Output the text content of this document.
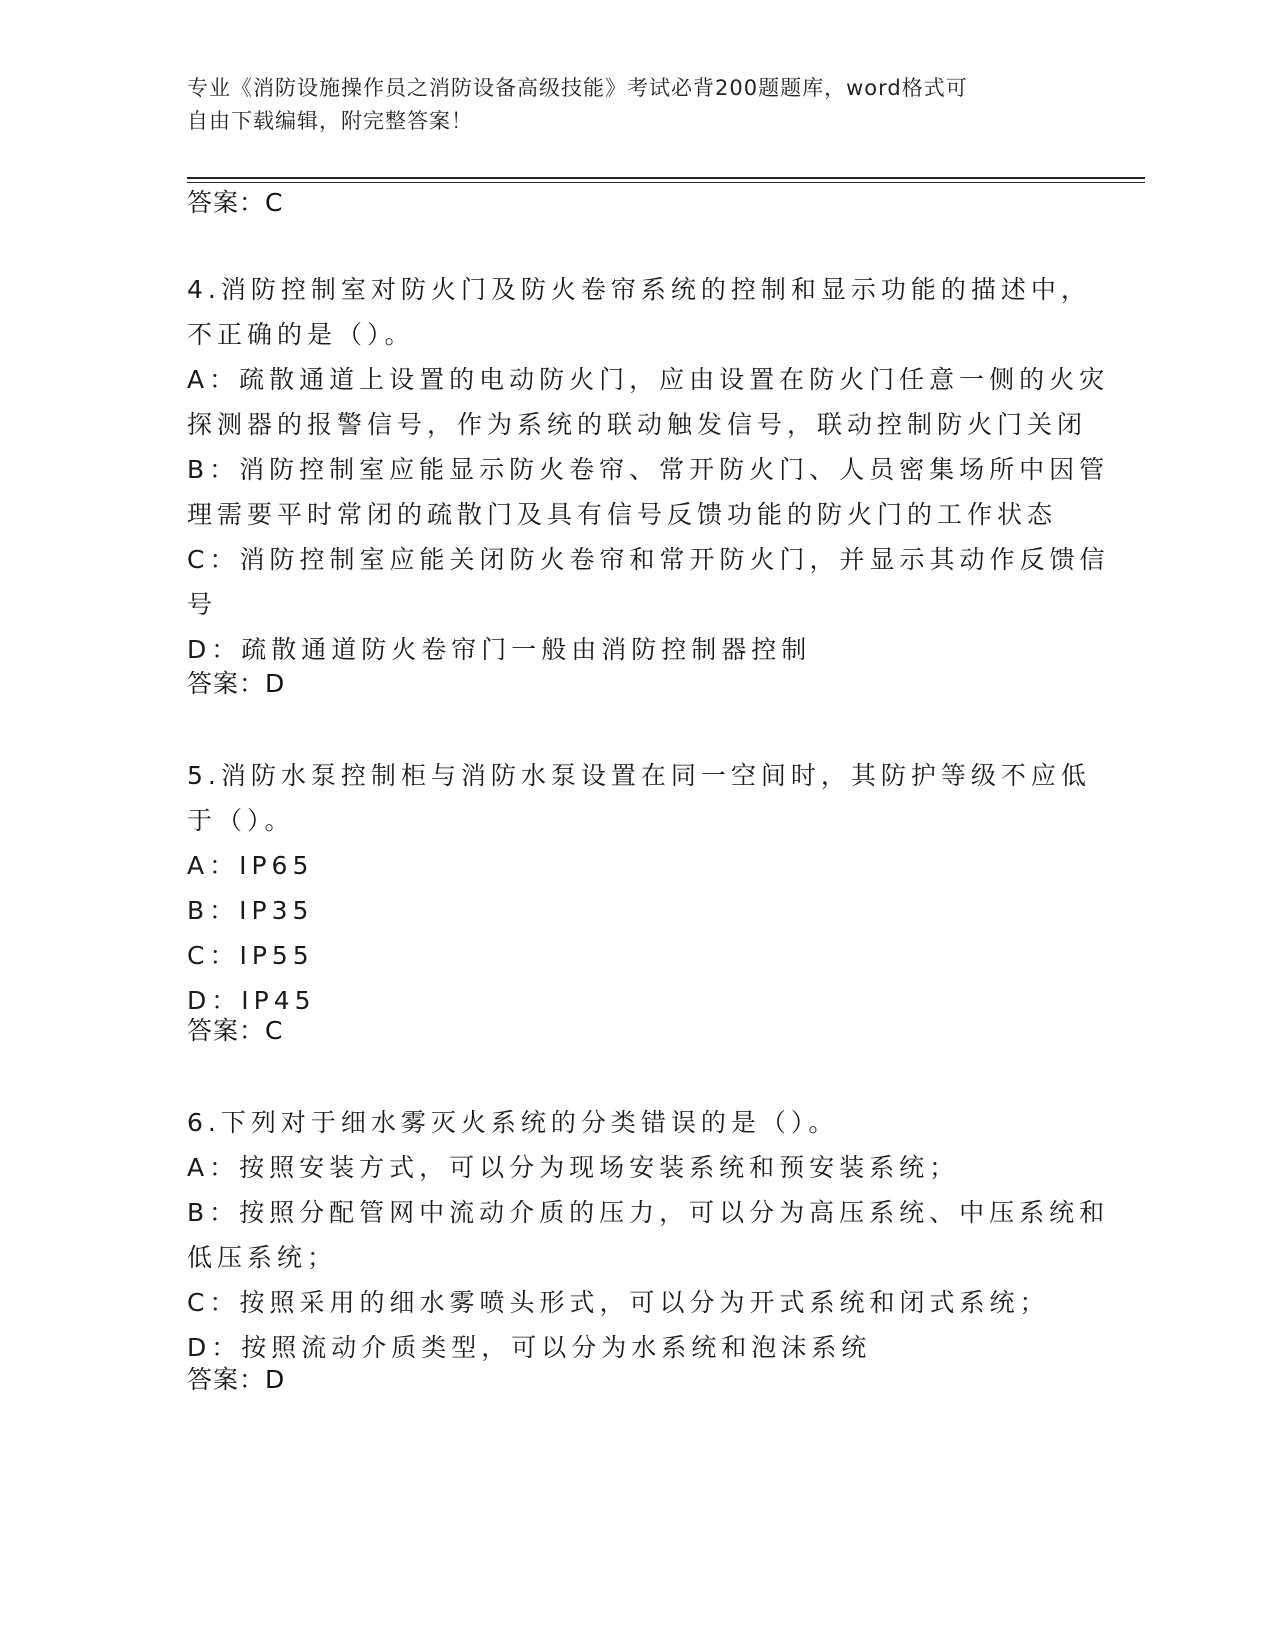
专业《消防设施操作员之消防设备高级技能》考试必背200题题库，word格式可
自由下载编辑，附完整答案！
答案：C
4.消防控制室对防火门及防火卷帘系统的控制和显示功能的描述中，
不正确的是（）。
A：疏散通道上设置的电动防火门，应由设置在防火门任意一侧的火灾
探测器的报警信号，作为系统的联动触发信号，联动控制防火门关闭
B：消防控制室应能显示防火卷帘、常开防火门、人员密集场所中因管
理需要平时常闭的疏散门及具有信号反馈功能的防火门的工作状态
C：消防控制室应能关闭防火卷帘和常开防火门，并显示其动作反馈信
号
D：疏散通道防火卷帘门一般由消防控制器控制
答案：D
5.消防水泵控制柜与消防水泵设置在同一空间时，其防护等级不应低
于（）。
A：IP65
B：IP35
C：IP55
D：IP45
答案：C
6.下列对于细水雾灭火系统的分类错误的是（）。
A：按照安装方式，可以分为现场安装系统和预安装系统；
B：按照分配管网中流动介质的压力，可以分为高压系统、中压系统和
低压系统；
C：按照采用的细水雾喷头形式，可以分为开式系统和闭式系统；
D：按照流动介质类型，可以分为水系统和泡沫系统
答案：D
